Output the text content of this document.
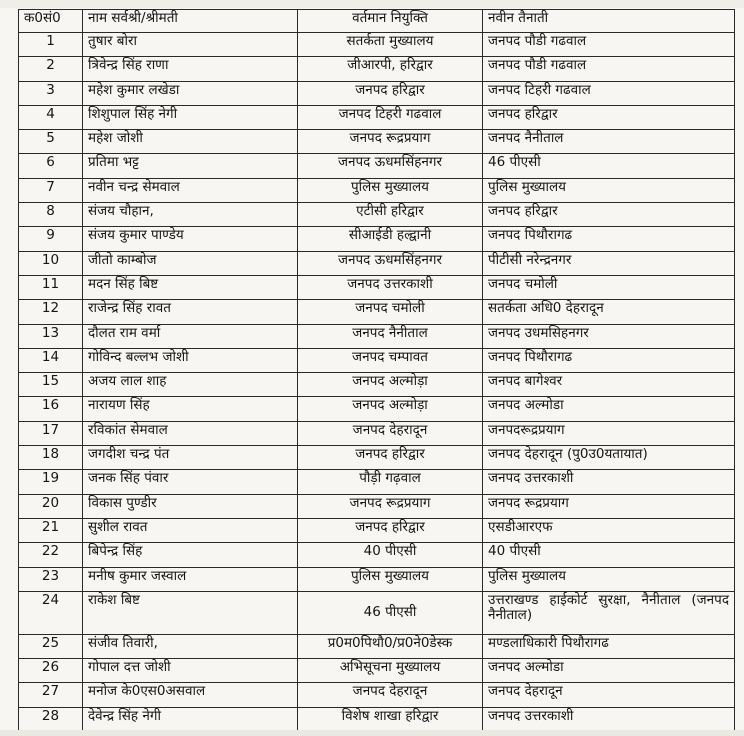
क0सं0	नाम सर्वश्री/श्रीमती	वर्तमान नियुक्ति	नवीन तैनाती
1	तुषार बोरा	सतर्कता मुख्यालय	जनपद पौडी गढवाल
2	त्रिवेन्द्र सिंह राणा	जीआरपी, हरिद्वार	जनपद पौडी गढवाल
3	महेश कुमार लखेडा	जनपद हरिद्वार	जनपद टिहरी गढवाल
4	शिशुपाल सिंह नेगी	जनपद टिहरी गढवाल	जनपद हरिद्वार
5	महेश जोशी	जनपद रूद्रप्रयाग	जनपद नैनीताल
6	प्रतिमा भट्ट	जनपद ऊधमसिंहनगर	46 पीएसी
7	नवीन चन्द्र सेमवाल	पुलिस मुख्यालय	पुलिस मुख्यालय
8	संजय चौहान,	एटीसी हरिद्वार	जनपद हरिद्वार
9	संजय कुमार पाण्डेय	सीआईडी हल्द्वानी	जनपद पिथौरागढ
10	जीतो काम्बोज	जनपद ऊधमसिंहनगर	पीटीसी नरेन्द्रनगर
11	मदन सिंह बिष्ट	जनपद उत्तरकाशी	जनपद चमोली
12	राजेन्द्र सिंह रावत	जनपद चमोली	सतर्कता अधि0 देहरादून
13	दौलत राम वर्मा	जनपद नैनीताल	जनपद उधमसिहनगर
14	गोविन्द बल्लभ जोशी	जनपद चम्पावत	जनपद पिथौरागढ
15	अजय लाल शाह	जनपद अल्मोड़ा	जनपद बागेश्वर
16	नारायण सिंह	जनपद अल्मोड़ा	जनपद अल्मोडा
17	रविकांत सेमवाल	जनपद देहरादून	जनपदरूद्रप्रयाग
18	जगदीश चन्द्र पंत	जनपद हरिद्वार	जनपद देहरादून (पु0उ0यतायात)
19	जनक सिंह पंवार	पौड़ी गढ़वाल	जनपद उत्तरकाशी
20	विकास पुण्डीर	जनपद रूद्रप्रयाग	जनपद रूद्रप्रयाग
21	सुशील रावत	जनपद हरिद्वार	एसडीआरएफ
22	बिपेन्द्र सिंह	40 पीएसी	40 पीएसी
23	मनीष कुमार जस्वाल	पुलिस मुख्यालय	पुलिस मुख्यालय
24	राकेश बिष्ट	46 पीएसी	उत्तराखण्ड हाईकोर्ट सुरक्षा, नैनीताल (जनपद नैनीताल)
25	संजीव तिवारी,	प्र0म0पिथौ0/प्र0ने0डेस्क	मण्डलाधिकारी पिथौरागढ
26	गोपाल दत्त जोशी	अभिसूचना मुख्यालय	जनपद अल्मोडा
27	मनोज के0एस0असवाल	जनपद देहरादून	जनपद देहरादून
28	देवेन्द्र सिंह नेगी	विशेष शाखा हरिद्वार	जनपद उत्तरकाशी
